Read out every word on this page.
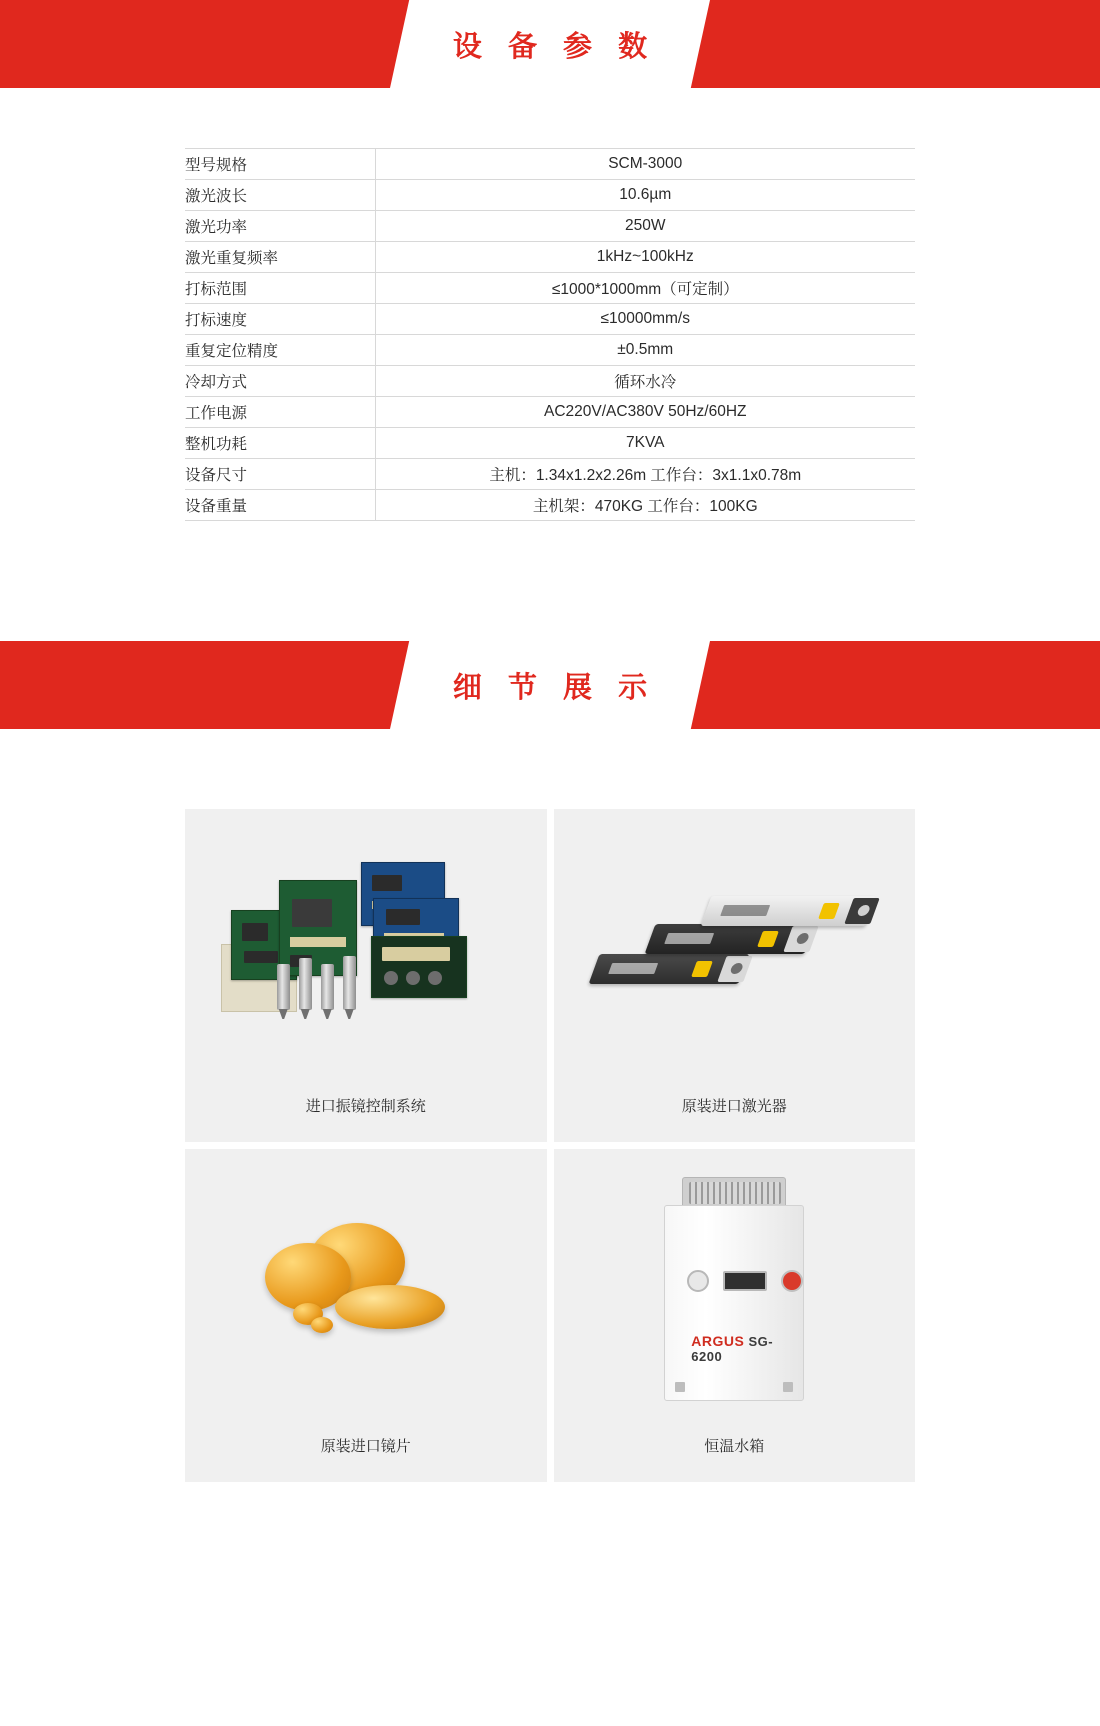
设 备 参 数
型号规格	SCM-3000
激光波长	10.6µm
激光功率	250W
激光重复频率	1kHz~100kHz
打标范围	≤1000*1000mm（可定制）
打标速度	≤10000mm/s
重复定位精度	±0.5mm
冷却方式	循环水冷
工作电源	AC220V/AC380V 50Hz/60HZ
整机功耗	7KVA
设备尺寸	主机：1.34x1.2x2.26m 工作台：3x1.1x0.78m
设备重量	主机架：470KG 工作台：100KG
细 节 展 示
进口振镜控制系统	原装进口激光器
原装进口镜片
ARGUS SG-6200
恒温水箱
